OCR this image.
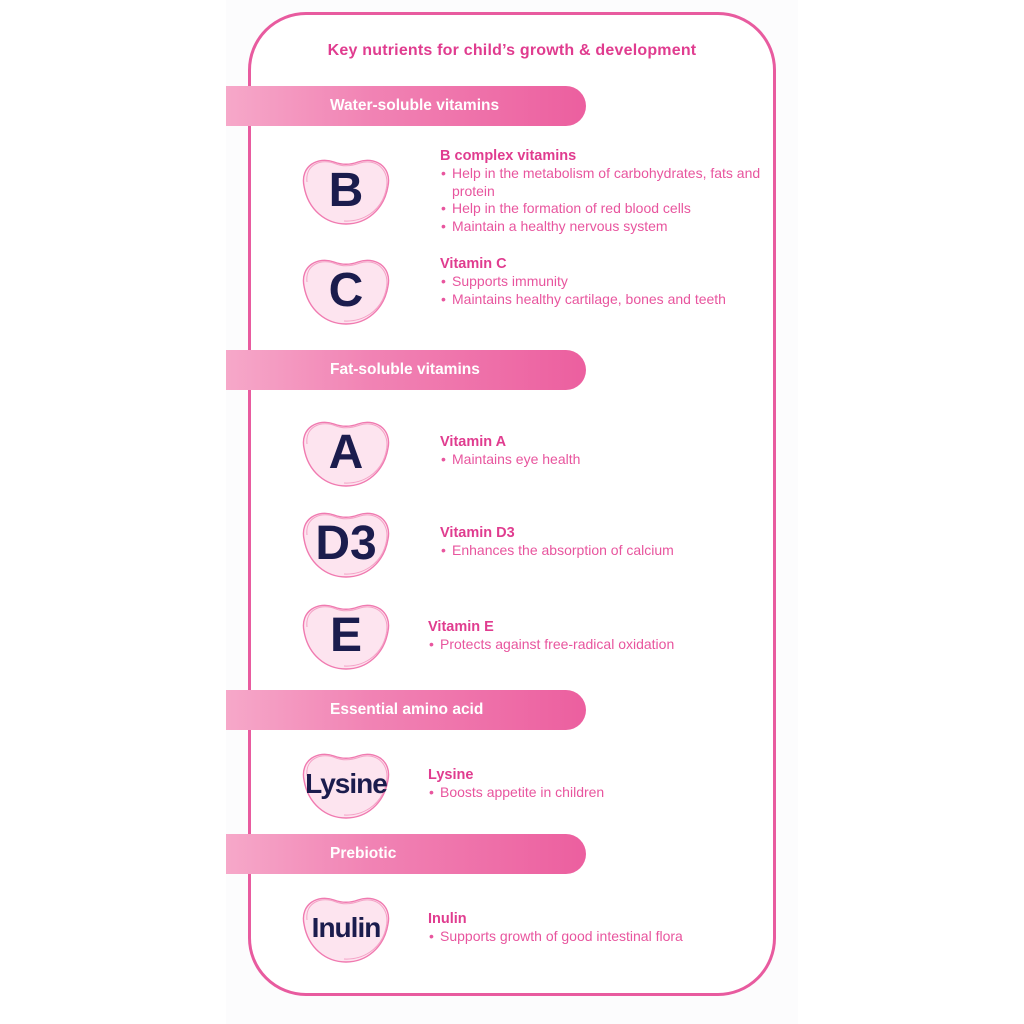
Key nutrients for child’s growth & development
Water-soluble vitamins
B
B complex vitamins
• Help in the metabolism of carbohydrates, fats and protein
• Help in the formation of red blood cells
• Maintain a healthy nervous system
C	Vitamin C
• Supports immunity
• Maintains healthy cartilage, bones and teeth
Fat-soluble vitamins
A	Vitamin A
• Maintains eye health
D3	Vitamin D3
• Enhances the absorption of calcium
E	Vitamin E
• Protects against free-radical oxidation
Essential amino acid
Lysine	Lysine
• Boosts appetite in children
Prebiotic
Inulin	Inulin
• Supports growth of good intestinal flora
